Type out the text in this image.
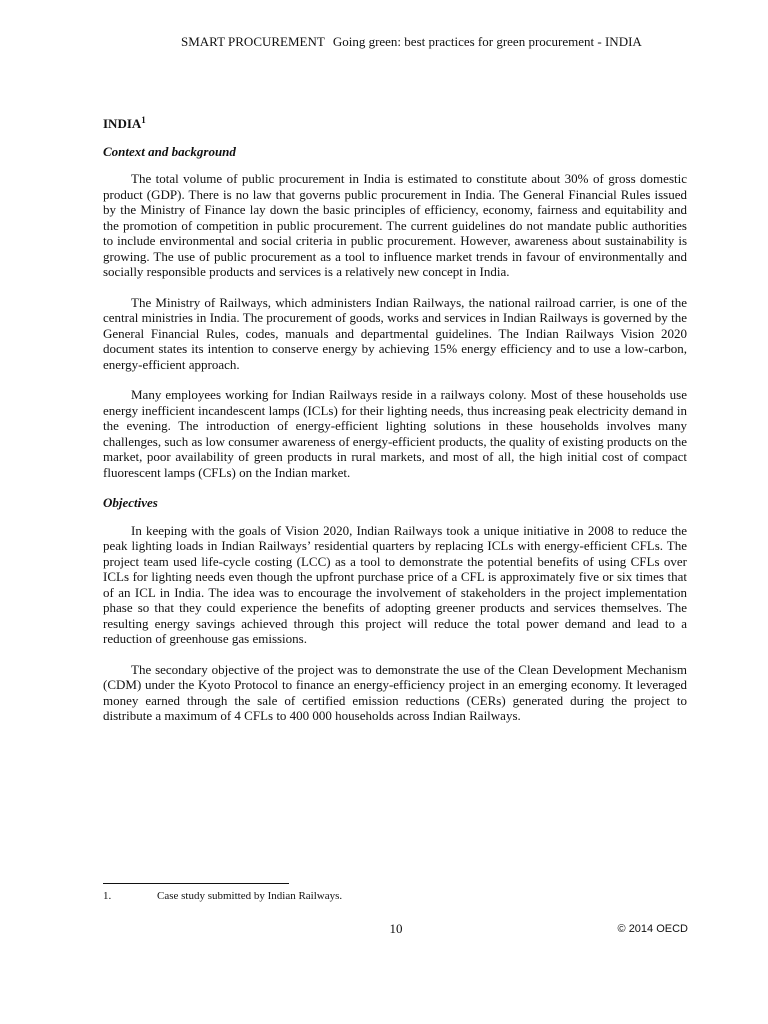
SMART PROCUREMENT Going green: best practices for green procurement - INDIA
INDIA$^1$
Context and background

The total volume of public procurement in India is estimated to constitute about 30% of gross domestic product (GDP). There is no law that governs public procurement in India. The General Financial Rules issued by the Ministry of Finance lay down the basic principles of efficiency, economy, fairness and equitability and the promotion of competition in public procurement. The current guidelines do not mandate public authorities to include environmental and social criteria in public procurement. However, awareness about sustainability is growing. The use of public procurement as a tool to influence market trends in favour of environmentally and socially responsible products and services is a relatively new concept in India.

The Ministry of Railways, which administers Indian Railways, the national railroad carrier, is one of the central ministries in India. The procurement of goods, works and services in Indian Railways is governed by the General Financial Rules, codes, manuals and departmental guidelines. The Indian Railways Vision 2020 document states its intention to conserve energy by achieving 15% energy efficiency and to use a low-carbon, energy-efficient approach.

Many employees working for Indian Railways reside in a railways colony. Most of these households use energy inefficient incandescent lamps (ICLs) for their lighting needs, thus increasing peak electricity demand in the evening. The introduction of energy-efficient lighting solutions in these households involves many challenges, such as low consumer awareness of energy-efficient products, the quality of existing products on the market, poor availability of green products in rural markets, and most of all, the high initial cost of compact fluorescent lamps (CFLs) on the Indian market.

Objectives

In keeping with the goals of Vision 2020, Indian Railways took a unique initiative in 2008 to reduce the peak lighting loads in Indian Railways’ residential quarters by replacing ICLs with energy-efficient CFLs. The project team used life-cycle costing (LCC) as a tool to demonstrate the potential benefits of using CFLs over ICLs for lighting needs even though the upfront purchase price of a CFL is approximately five or six times that of an ICL in India. The idea was to encourage the involvement of stakeholders in the project implementation phase so that they could experience the benefits of adopting greener products and services themselves. The resulting energy savings achieved through this project will reduce the total power demand and lead to a reduction of greenhouse gas emissions.

The secondary objective of the project was to demonstrate the use of the Clean Development Mechanism (CDM) under the Kyoto Protocol to finance an energy-efficiency project in an emerging economy. It leveraged money earned through the sale of certified emission reductions (CERs) generated during the project to distribute a maximum of 4 CFLs to 400 000 households across Indian Railways.

1.	Case study submitted by Indian Railways.
10	© 2014 OECD
